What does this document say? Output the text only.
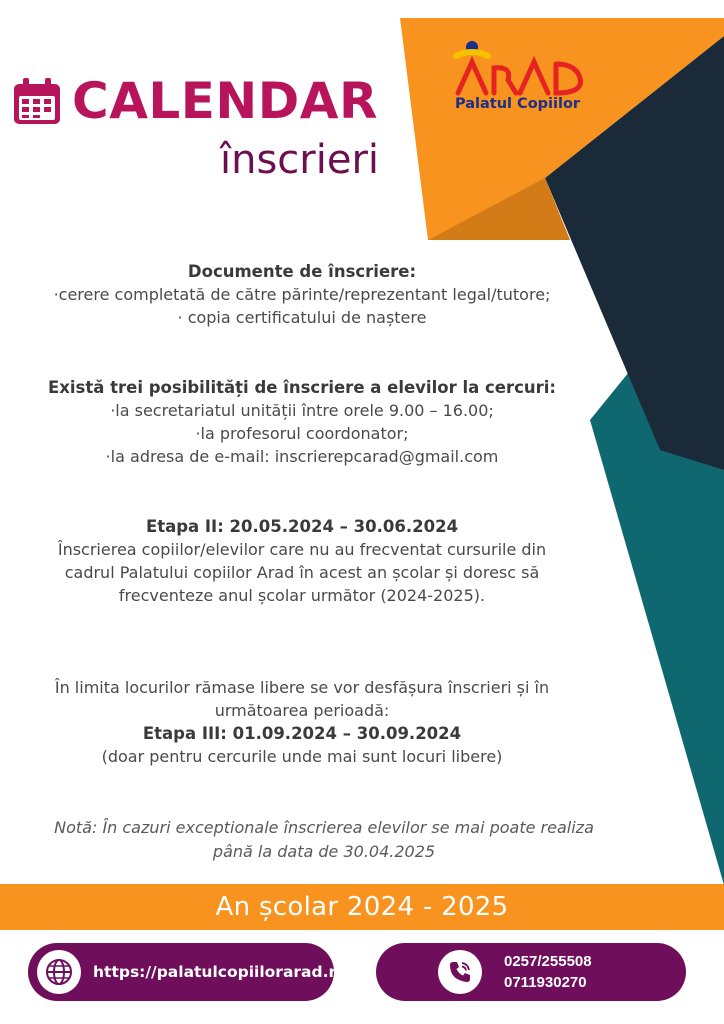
CALENDAR
înscrieri
Palatul Copiilor
Documente de înscriere:
·cerere completată de către părinte/reprezentant legal/tutore;
· copia certificatului de naștere
Există trei posibilități de înscriere a elevilor la cercuri:
·la secretariatul unității între orele 9.00 – 16.00;
·la profesorul coordonator;
·la adresa de e-mail: inscrierepcarad@gmail.com
Etapa II: 20.05.2024 – 30.06.2024
Înscrierea copiilor/elevilor care nu au frecventat cursurile din
cadrul Palatului copiilor Arad în acest an școlar și doresc să
frecventeze anul școlar următor (2024-2025).
În limita locurilor rămase libere se vor desfășura înscrieri și în
următoarea perioadă:
Etapa III: 01.09.2024 – 30.09.2024
(doar pentru cercurile unde mai sunt locuri libere)
Notă: În cazuri exceptionale înscrierea elevilor se mai poate realiza
până la data de 30.04.2025
An școlar 2024 - 2025
https://palatulcopiilorarad.ro
0257/255508
0711930270
